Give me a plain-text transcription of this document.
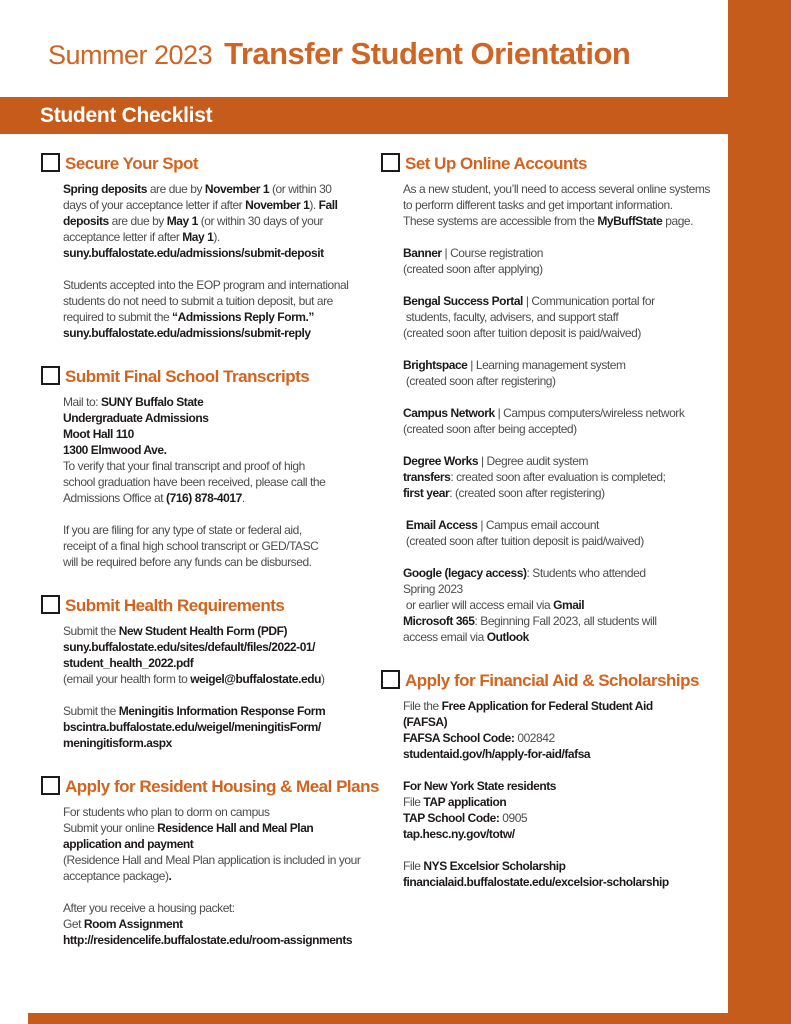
Summer 2023 Transfer Student Orientation
Student Checklist
Secure Your Spot
Spring deposits are due by November 1 (or within 30
days of your acceptance letter if after November 1). Fall
deposits are due by May 1 (or within 30 days of your
acceptance letter if after May 1).
suny.buffalostate.edu/admissions/submit-deposit
Students accepted into the EOP program and international
students do not need to submit a tuition deposit, but are
required to submit the “Admissions Reply Form.”
suny.buffalostate.edu/admissions/submit-reply
Submit Final School Transcripts
Mail to: SUNY Buffalo State
Undergraduate Admissions
Moot Hall 110
1300 Elmwood Ave.
To verify that your final transcript and proof of high
school graduation have been received, please call the
Admissions Office at (716) 878-4017.
If you are filing for any type of state or federal aid,
receipt of a final high school transcript or GED/TASC
will be required before any funds can be disbursed.
Submit Health Requirements
Submit the New Student Health Form (PDF)
suny.buffalostate.edu/sites/default/files/2022-01/
student_health_2022.pdf
(email your health form to weigel@buffalostate.edu)
Submit the Meningitis Information Response Form
bscintra.buffalostate.edu/weigel/meningitisForm/
meningitisform.aspx
Apply for Resident Housing & Meal Plans
For students who plan to dorm on campus
Submit your online Residence Hall and Meal Plan
application and payment
(Residence Hall and Meal Plan application is included in your
acceptance package).
After you receive a housing packet:
Get Room Assignment
http://residencelife.buffalostate.edu/room-assignments
Set Up Online Accounts
As a new student, you’ll need to access several online systems
to perform different tasks and get important information.
These systems are accessible from the MyBuffState page.
Banner | Course registration
(created soon after applying)
Bengal Success Portal | Communication portal for
students, faculty, advisers, and support staff
(created soon after tuition deposit is paid/waived)
Brightspace | Learning management system
(created soon after registering)
Campus Network | Campus computers/wireless network
(created soon after being accepted)
Degree Works | Degree audit system
transfers: created soon after evaluation is completed;
first year: (created soon after registering)
Email Access | Campus email account
(created soon after tuition deposit is paid/waived)
Google (legacy access): Students who attended
Spring 2023
or earlier will access email via Gmail
Microsoft 365: Beginning Fall 2023, all students will
access email via Outlook
Apply for Financial Aid & Scholarships
File the Free Application for Federal Student Aid
(FAFSA)
FAFSA School Code: 002842
studentaid.gov/h/apply-for-aid/fafsa
For New York State residents
File TAP application
TAP School Code: 0905
tap.hesc.ny.gov/totw/
File NYS Excelsior Scholarship
financialaid.buffalostate.edu/excelsior-scholarship
